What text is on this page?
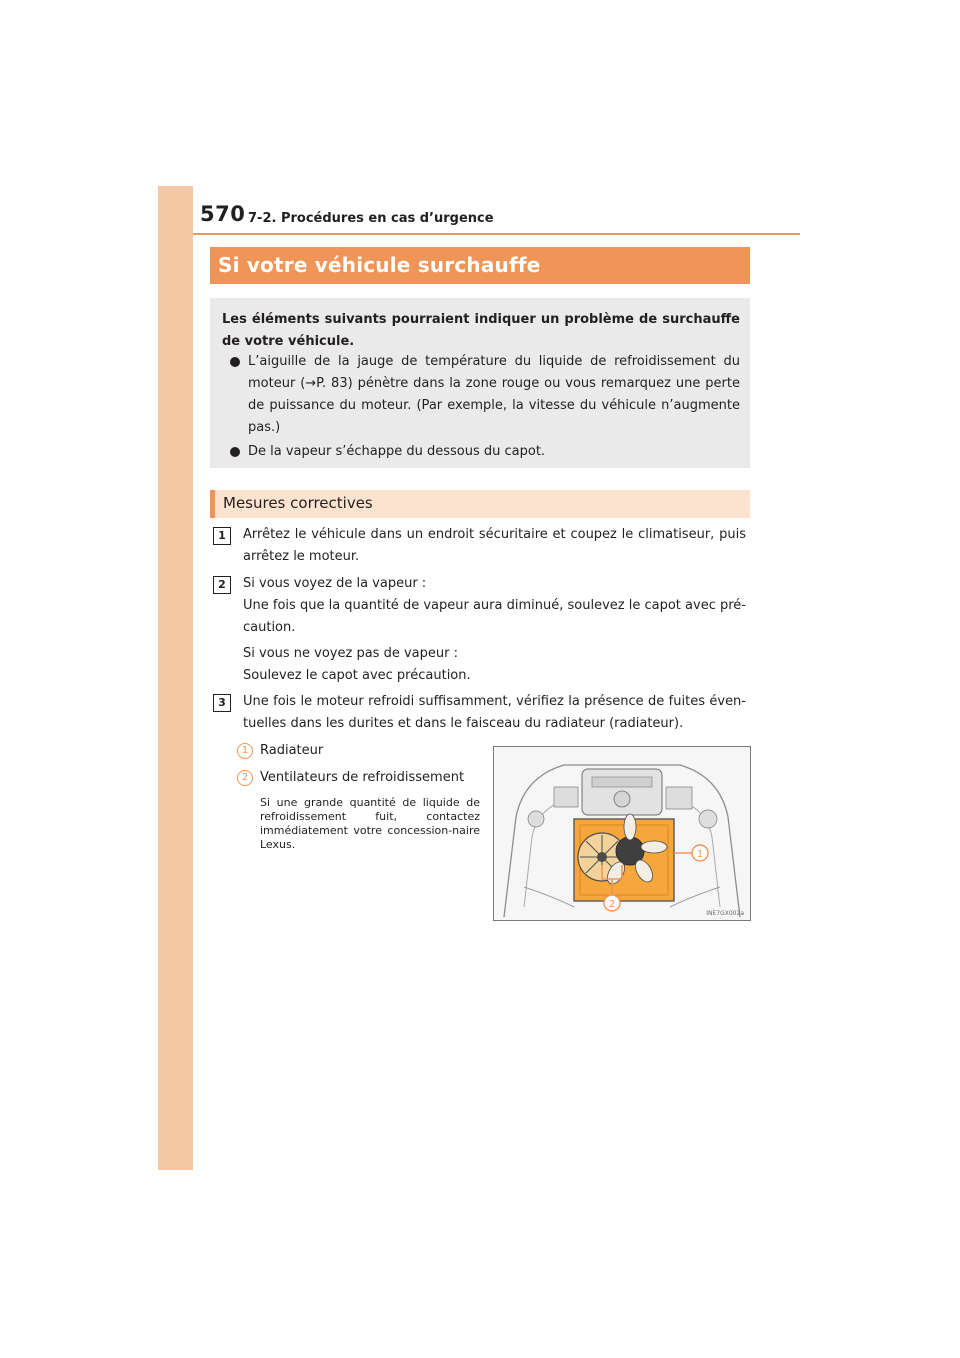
570 7-2. Procédures en cas d’urgence
Si votre véhicule surchauffe
Les éléments suivants pourraient indiquer un problème de surchauffe de votre véhicule.
L’aiguille de la jauge de température du liquide de refroidissement du moteur (→P. 83) pénètre dans la zone rouge ou vous remarquez une perte de puissance du moteur. (Par exemple, la vitesse du véhicule n’augmente pas.)
De la vapeur s’échappe du dessous du capot.
Mesures correctives
1	Arrêtez le véhicule dans un endroit sécuritaire et coupez le climatiseur, puis arrêtez le moteur.

2	Si vous voyez de la vapeur :

Une fois que la quantité de vapeur aura diminué, soulevez le capot avec pré-caution.

Si vous ne voyez pas de vapeur :

Soulevez le capot avec précaution.

3	Une fois le moteur refroidi suffisamment, vérifiez la présence de fuites éven-tuelles dans les durites et dans le faisceau du radiateur (radiateur).

1 Radiateur
2 Ventilateurs de refroidissement
Si une grande quantité de liquide de refroidissement fuit, contactez immédiatement votre concession-naire Lexus.
1
2
INE7GX002a
